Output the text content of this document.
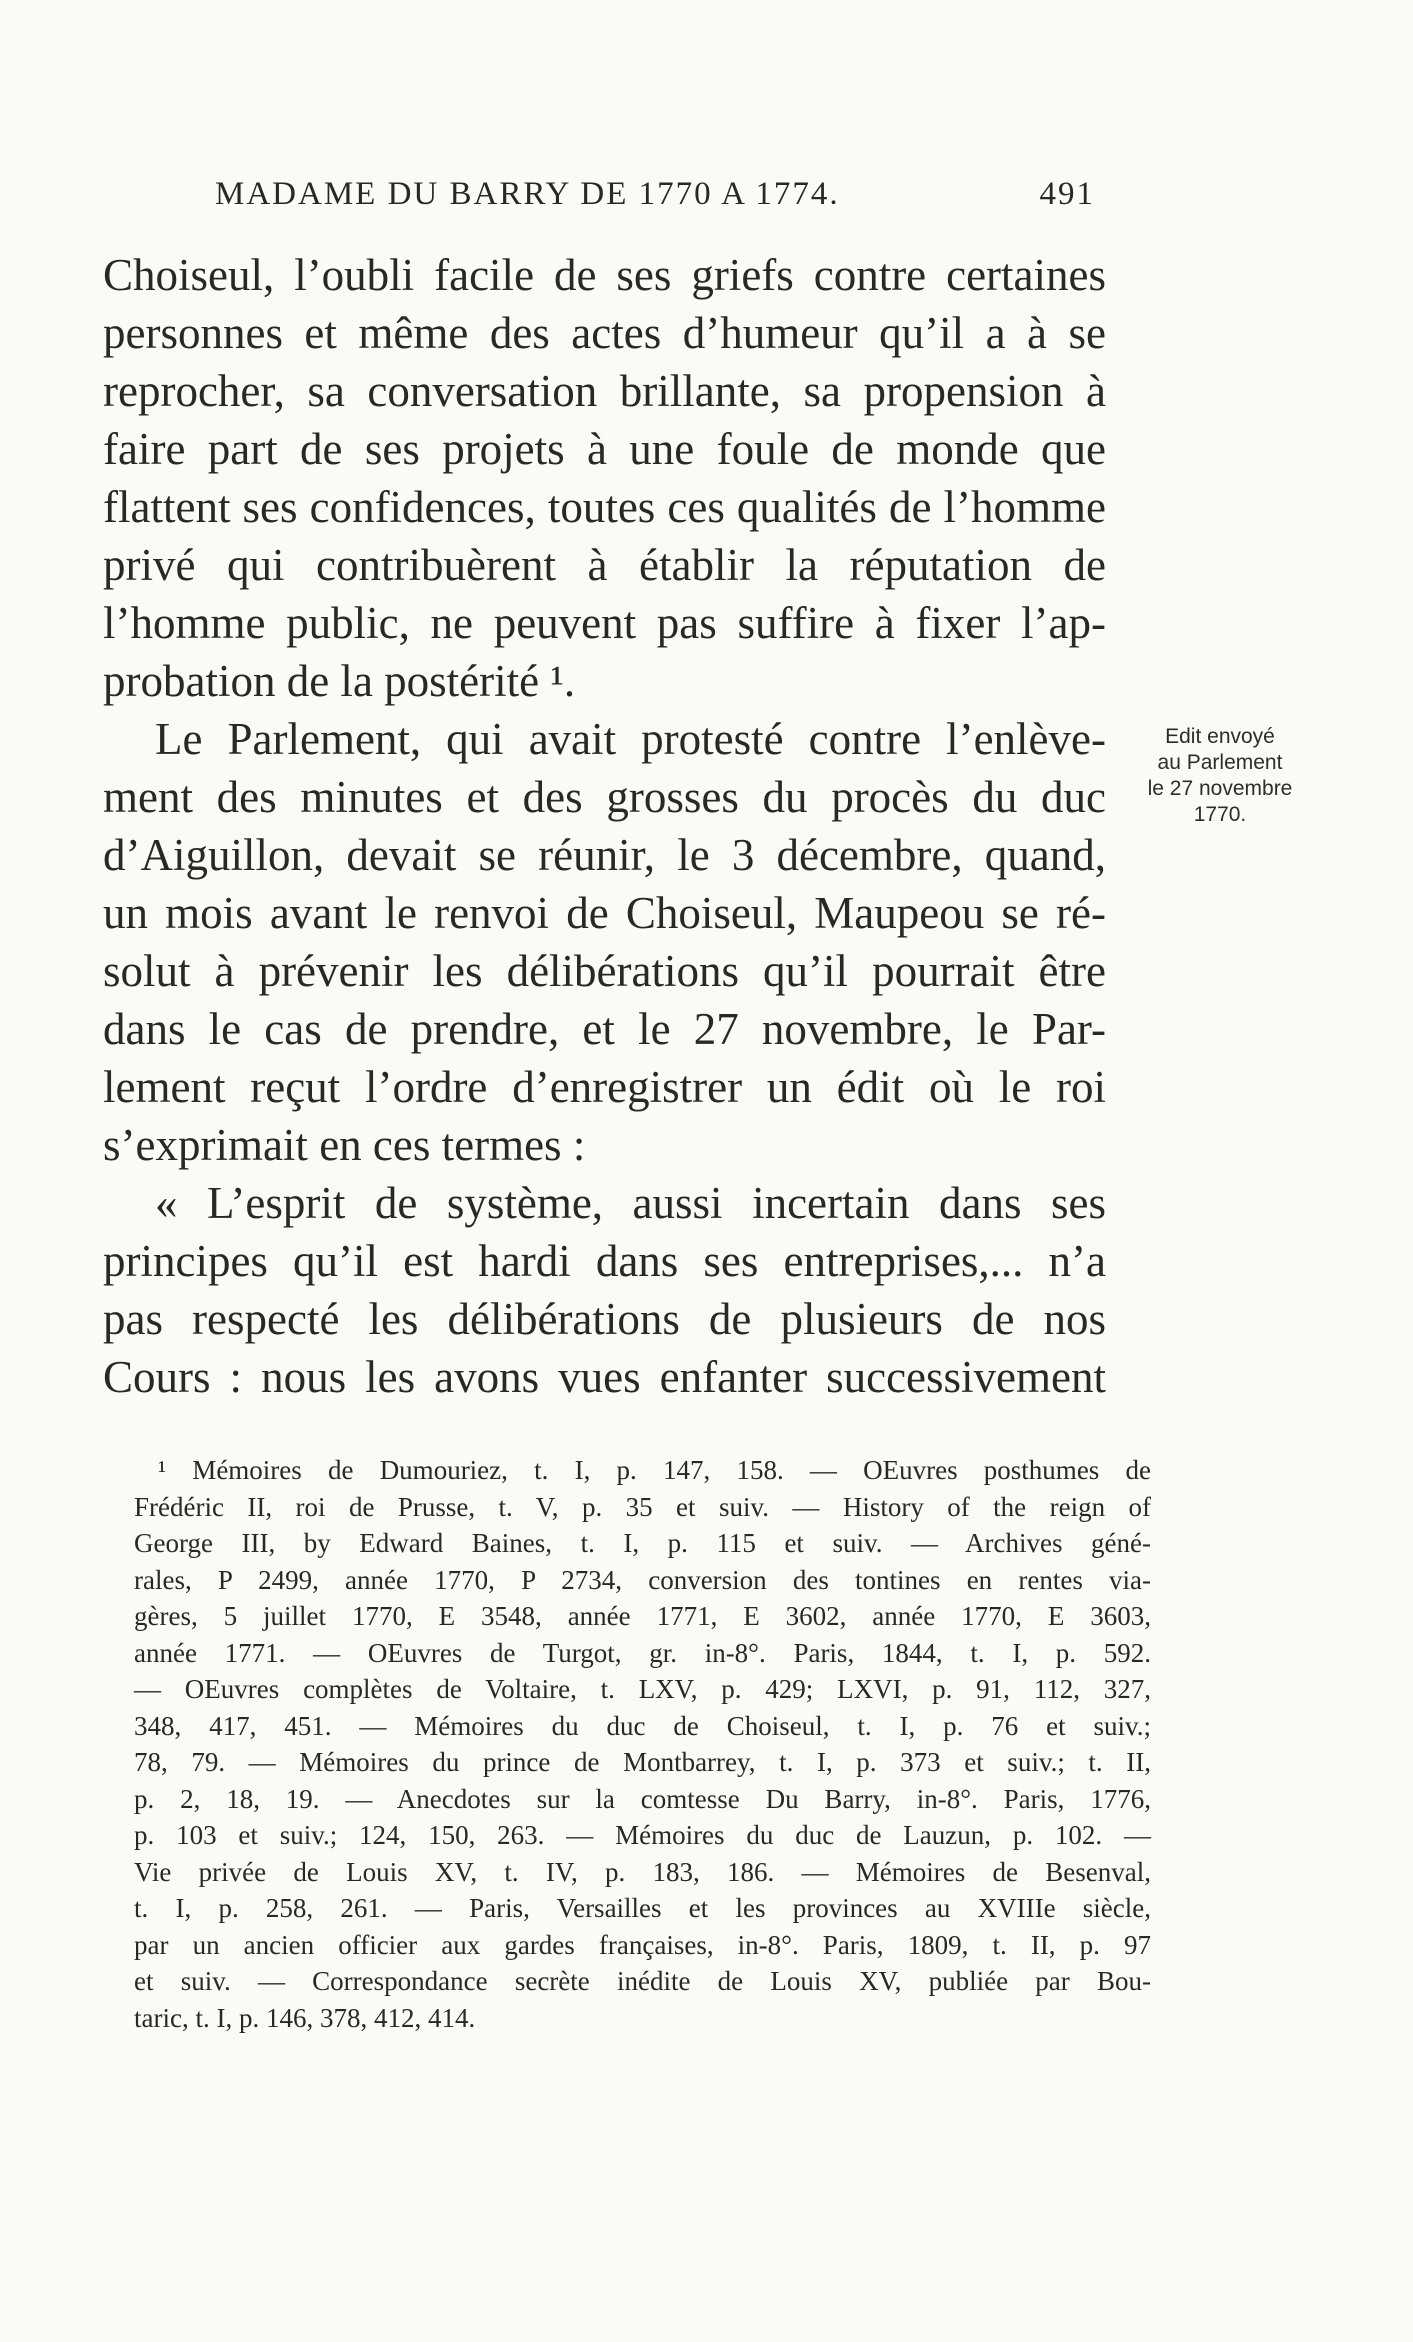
MADAME DU BARRY DE 1770 A 1774.	491
Choiseul, l’oubli facile de ses griefs contre certaines
personnes et même des actes d’humeur qu’il a à se
reprocher, sa conversation brillante, sa propension à
faire part de ses projets à une foule de monde que
flattent ses confidences, toutes ces qualités de l’homme
privé qui contribuèrent à établir la réputation de
l’homme public, ne peuvent pas suffire à fixer l’ap-
probation de la postérité ¹.
Le Parlement, qui avait protesté contre l’enlève-
ment des minutes et des grosses du procès du duc
d’Aiguillon, devait se réunir, le 3 décembre, quand,
un mois avant le renvoi de Choiseul, Maupeou se ré-
solut à prévenir les délibérations qu’il pourrait être
dans le cas de prendre, et le 27 novembre, le Par-
lement reçut l’ordre d’enregistrer un édit où le roi
s’exprimait en ces termes :
« L’esprit de système, aussi incertain dans ses
principes qu’il est hardi dans ses entreprises,... n’a
pas respecté les délibérations de plusieurs de nos
Cours : nous les avons vues enfanter successivement
Edit envoyé
au Parlement
le 27 novembre
1770.
¹ Mémoires de Dumouriez, t. I, p. 147, 158. — OEuvres posthumes de
Frédéric II, roi de Prusse, t. V, p. 35 et suiv. — History of the reign of
George III, by Edward Baines, t. I, p. 115 et suiv. — Archives géné-
rales, P 2499, année 1770, P 2734, conversion des tontines en rentes via-
gères, 5 juillet 1770, E 3548, année 1771, E 3602, année 1770, E 3603,
année 1771. — OEuvres de Turgot, gr. in-8°. Paris, 1844, t. I, p. 592.
— OEuvres complètes de Voltaire, t. LXV, p. 429; LXVI, p. 91, 112, 327,
348, 417, 451. — Mémoires du duc de Choiseul, t. I, p. 76 et suiv.;
78, 79. — Mémoires du prince de Montbarrey, t. I, p. 373 et suiv.; t. II,
p. 2, 18, 19. — Anecdotes sur la comtesse Du Barry, in-8°. Paris, 1776,
p. 103 et suiv.; 124, 150, 263. — Mémoires du duc de Lauzun, p. 102. —
Vie privée de Louis XV, t. IV, p. 183, 186. — Mémoires de Besenval,
t. I, p. 258, 261. — Paris, Versailles et les provinces au XVIIIe siècle,
par un ancien officier aux gardes françaises, in-8°. Paris, 1809, t. II, p. 97
et suiv. — Correspondance secrète inédite de Louis XV, publiée par Bou-
taric, t. I, p. 146, 378, 412, 414.
